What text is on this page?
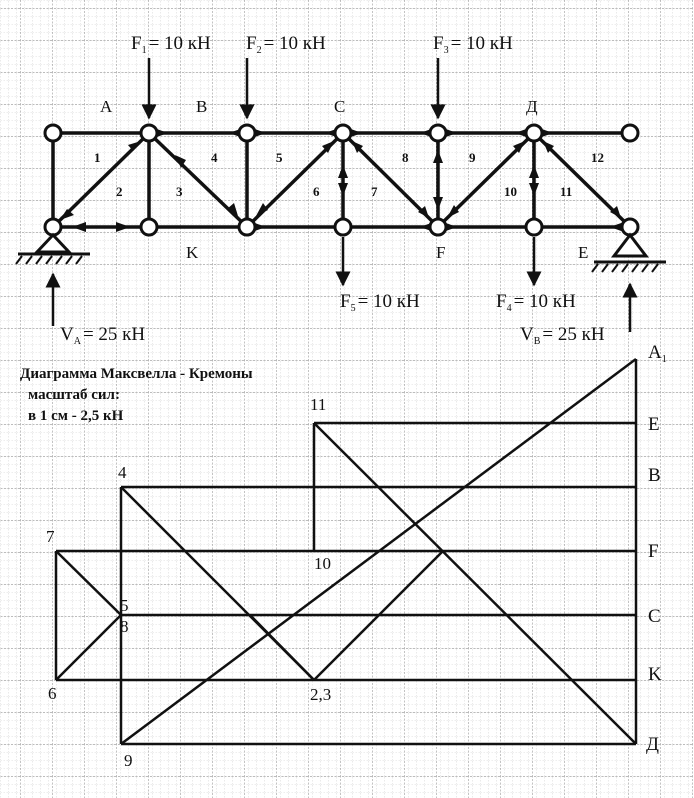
$F_1 = 10$ кН $F_2 = 10$ кН	$F_3 = 10$ кН
$F_5 = 10$ кН	$F_4 = 10$ кН
$V_A = 25$ кН	$V_B = 25$ кН
A	B	C	Д
K	F	E
1
2	3
4	5
6	7
8	9
10	11
12
Диаграмма Максвелла - Кремоны
масштаб сил:
в 1 см - 2,5 кН
11
4
7
5
8
10
6	2,3
9
$A_1$
E
B
F
C
K
Д
